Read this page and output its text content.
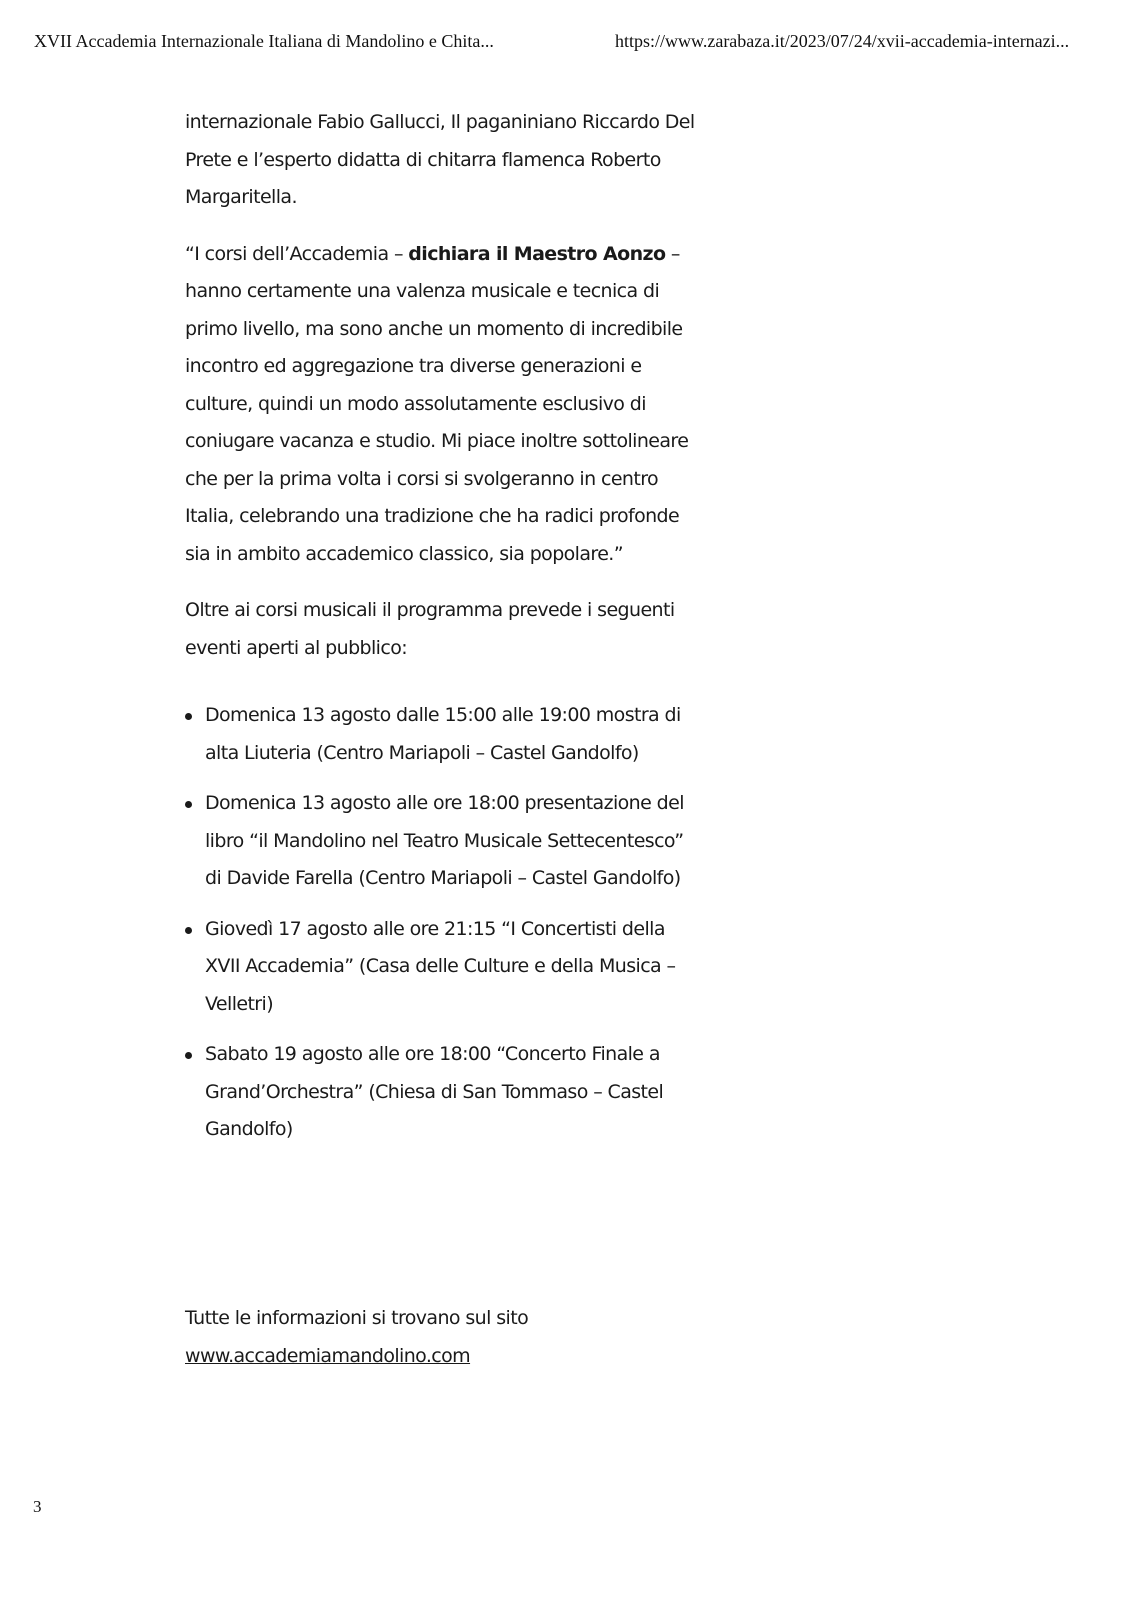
XVII Accademia Internazionale Italiana di Mandolino e Chita...	https://www.zarabaza.it/2023/07/24/xvii-accademia-internazi...

internazionale Fabio Gallucci, Il paganiniano Riccardo Del
Prete e l’esperto didatta di chitarra flamenca Roberto
Margaritella.

“I corsi dell’Accademia – dichiara il Maestro Aonzo –
hanno certamente una valenza musicale e tecnica di
primo livello, ma sono anche un momento di incredibile
incontro ed aggregazione tra diverse generazioni e
culture, quindi un modo assolutamente esclusivo di
coniugare vacanza e studio. Mi piace inoltre sottolineare
che per la prima volta i corsi si svolgeranno in centro
Italia, celebrando una tradizione che ha radici profonde
sia in ambito accademico classico, sia popolare.”

Oltre ai corsi musicali il programma prevede i seguenti
eventi aperti al pubblico:

Domenica 13 agosto dalle 15:00 alle 19:00 mostra di
alta Liuteria (Centro Mariapoli – Castel Gandolfo)
Domenica 13 agosto alle ore 18:00 presentazione del
libro “il Mandolino nel Teatro Musicale Settecentesco”
di Davide Farella (Centro Mariapoli – Castel Gandolfo)
Giovedì 17 agosto alle ore 21:15 “I Concertisti della
XVII Accademia” (Casa delle Culture e della Musica –
Velletri)
Sabato 19 agosto alle ore 18:00 “Concerto Finale a
Grand’Orchestra” (Chiesa di San Tommaso – Castel
Gandolfo)
Tutte le informazioni si trovano sul sito
www.accademiamandolino.com
3
